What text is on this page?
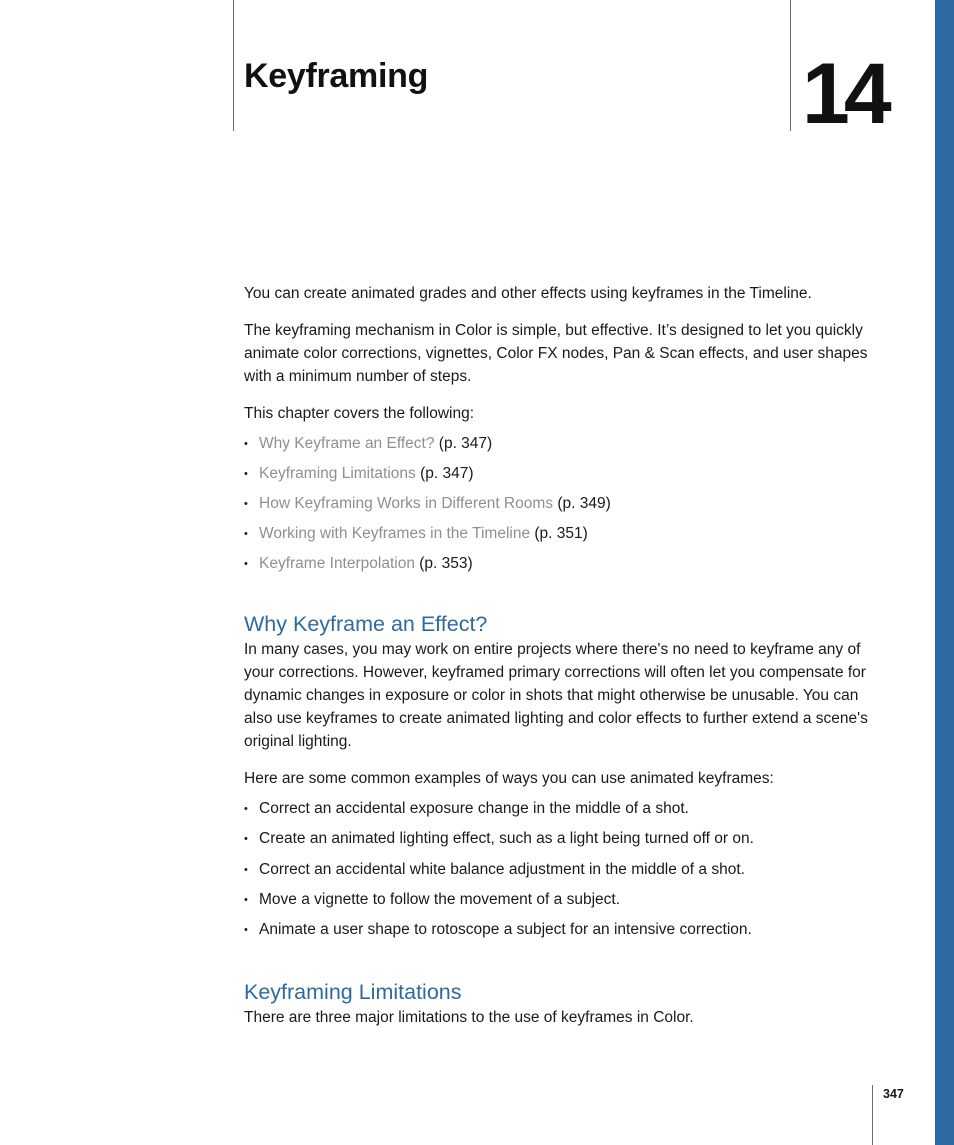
Keyframing	14

You can create animated grades and other effects using keyframes in the Timeline.

The keyframing mechanism in Color is simple, but effective. It’s designed to let you quickly animate color corrections, vignettes, Color FX nodes, Pan & Scan effects, and user shapes with a minimum number of steps.

This chapter covers the following:

• Why Keyframe an Effect? (p. 347)
• Keyframing Limitations (p. 347)
• How Keyframing Works in Different Rooms (p. 349)
• Working with Keyframes in the Timeline (p. 351)
• Keyframe Interpolation (p. 353)
Why Keyframe an Effect?

In many cases, you may work on entire projects where there's no need to keyframe any of your corrections. However, keyframed primary corrections will often let you compensate for dynamic changes in exposure or color in shots that might otherwise be unusable. You can also use keyframes to create animated lighting and color effects to further extend a scene's original lighting.

Here are some common examples of ways you can use animated keyframes:

• Correct an accidental exposure change in the middle of a shot.
• Create an animated lighting effect, such as a light being turned off or on.
• Correct an accidental white balance adjustment in the middle of a shot.
• Move a vignette to follow the movement of a subject.
• Animate a user shape to rotoscope a subject for an intensive correction.
Keyframing Limitations

There are three major limitations to the use of keyframes in Color.

347
